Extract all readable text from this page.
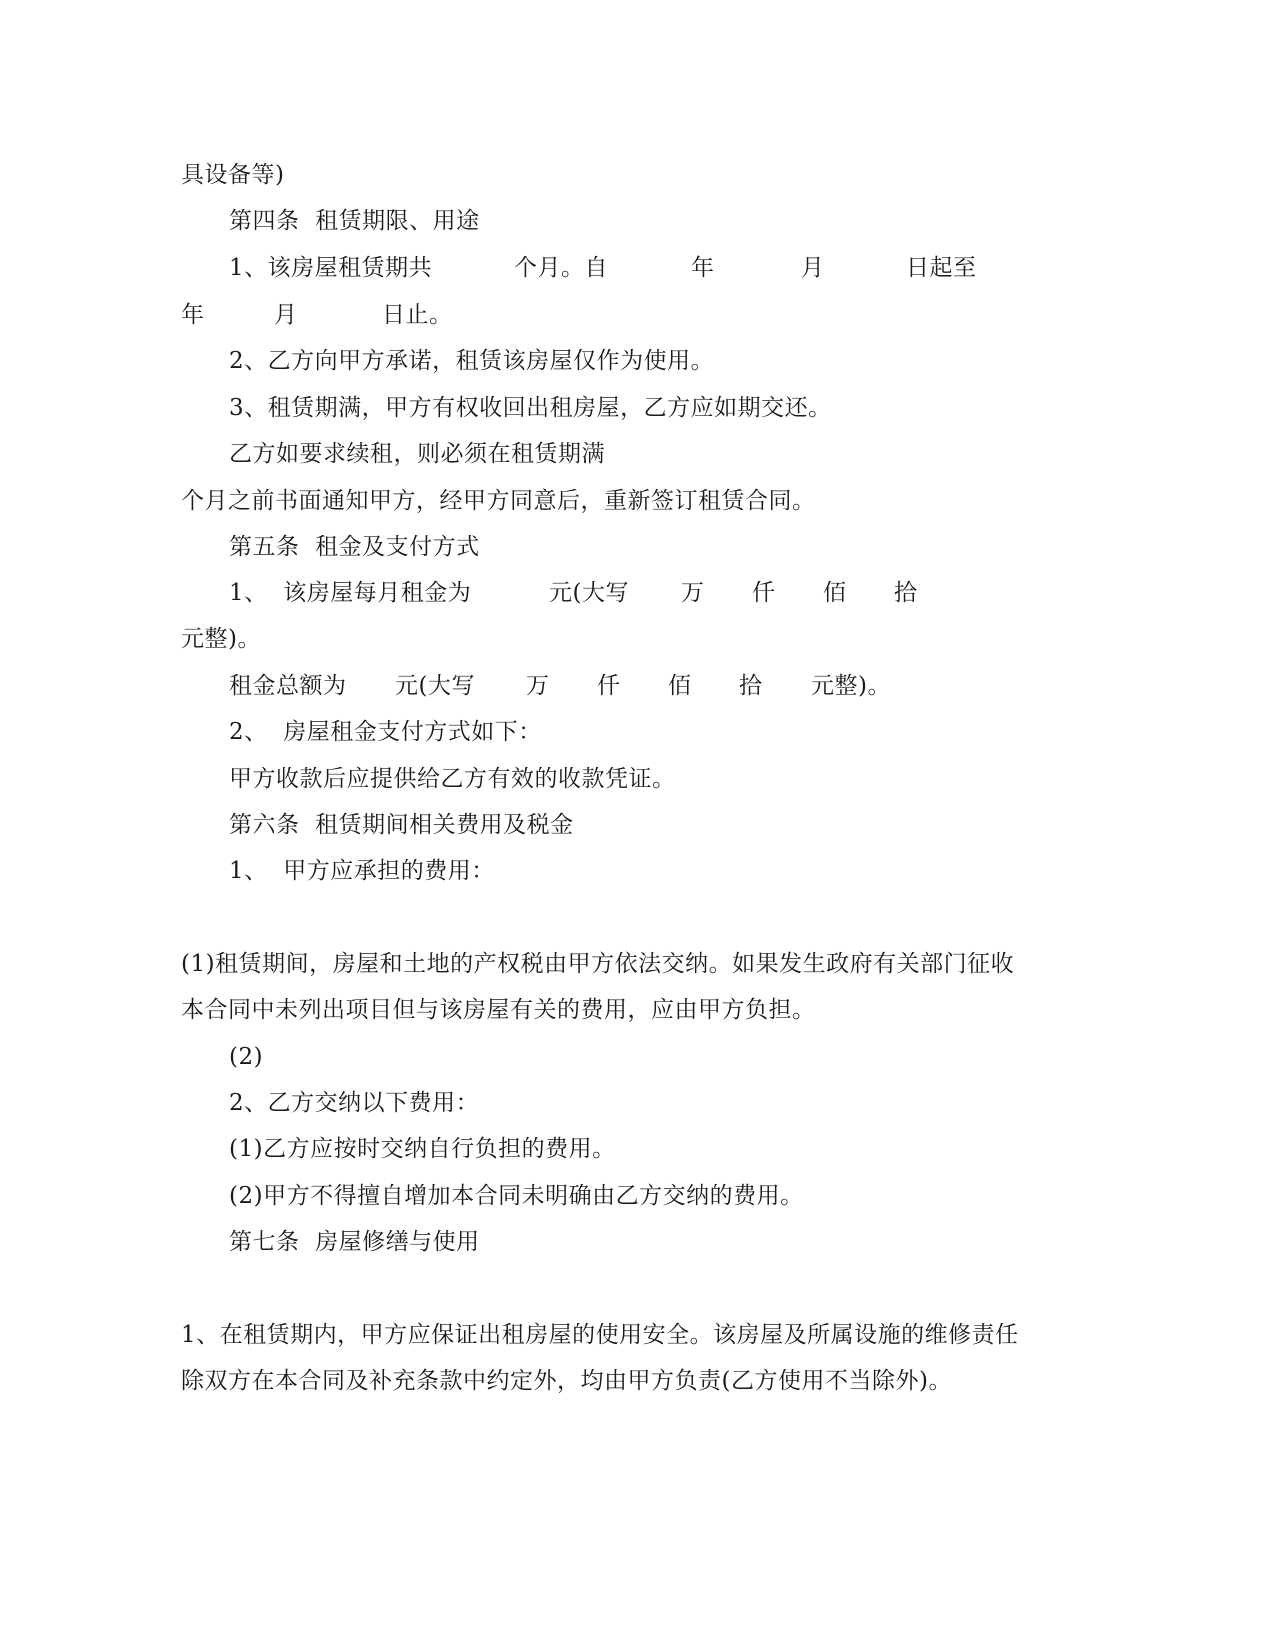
具设备等)
第四条  租赁期限、用途

1、该房屋租赁期共

	个月。自

	年

	月

	日起至

年

	月

	日止。

2、乙方向甲方承诺，租赁该房屋仅作为使用。
3、租赁期满，甲方有权收回出租房屋，乙方应如期交还。
乙方如要求续租，则必须在租赁期满
个月之前书面通知甲方，经甲方同意后，重新签订租赁合同。
第五条  租金及支付方式

1、  该房屋每月租金为

	元(大写

万

仟

佰

拾

元整)。

租金总额为

元(大写

万

仟

佰

拾

元整)。

2、  房屋租金支付方式如下：
甲方收款后应提供给乙方有效的收款凭证。
第六条  租赁期间相关费用及税金
1、  甲方应承担的费用：
(1)租赁期间，房屋和土地的产权税由甲方依法交纳。如果发生政府有关部门征收
本合同中未列出项目但与该房屋有关的费用，应由甲方负担。
(2)
2、乙方交纳以下费用：
(1)乙方应按时交纳自行负担的费用。
(2)甲方不得擅自增加本合同未明确由乙方交纳的费用。
第七条  房屋修缮与使用
1、在租赁期内，甲方应保证出租房屋的使用安全。该房屋及所属设施的维修责任
除双方在本合同及补充条款中约定外，均由甲方负责(乙方使用不当除外)。
